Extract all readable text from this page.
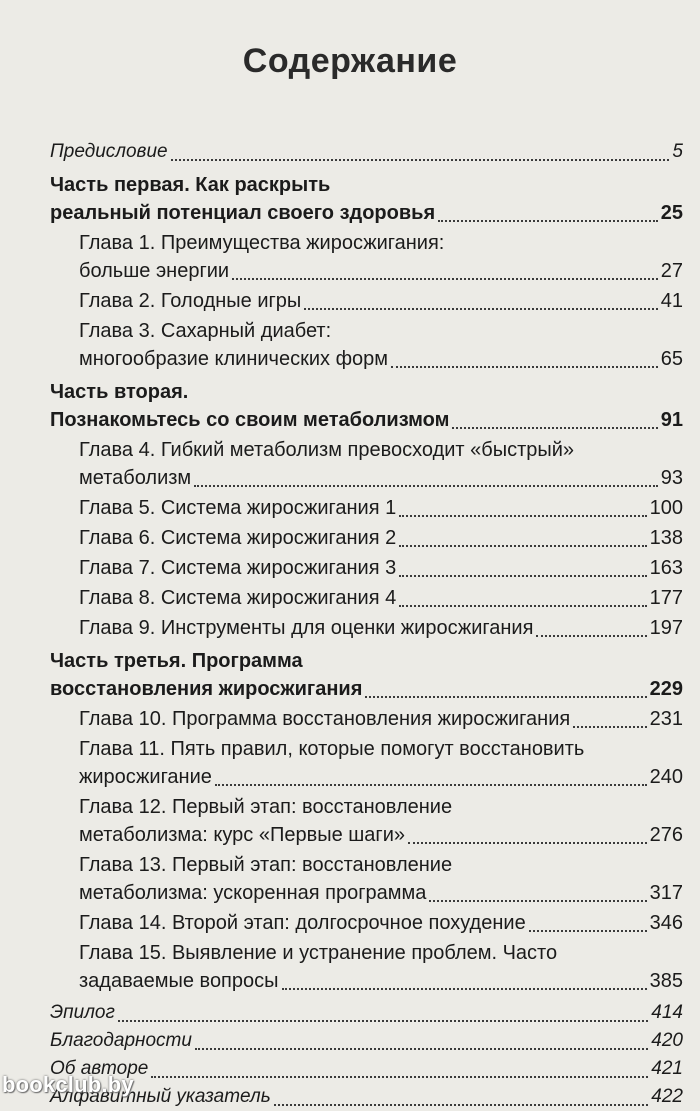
Содержание
Предисловие	5
Часть первая. Как раскрыть
реальный потенциал своего здоровья	25
Глава 1. Преимущества жиросжигания:
больше энергии	27
Глава 2. Голодные игры	41
Глава 3. Сахарный диабет:
многообразие клинических форм	65
Часть вторая.
Познакомьтесь со своим метаболизмом	91
Глава 4. Гибкий метаболизм превосходит «быстрый»
метаболизм	93
Глава 5. Система жиросжигания 1	100
Глава 6. Система жиросжигания 2	138
Глава 7. Система жиросжигания 3	163
Глава 8. Система жиросжигания 4	177
Глава 9. Инструменты для оценки жиросжигания	197
Часть третья. Программа
восстановления жиросжигания	229
Глава 10. Программа восстановления жиросжигания	231
Глава 11. Пять правил, которые помогут восстановить
жиросжигание	240
Глава 12. Первый этап: восстановление
метаболизма: курс «Первые шаги»	276
Глава 13. Первый этап: восстановление
метаболизма: ускоренная программа	317
Глава 14. Второй этап: долгосрочное похудение	346
Глава 15. Выявление и устранение проблем. Часто
задаваемые вопросы	385
Эпилог	414
Благодарности	420
Об авторе	421
Алфавитный указатель	422
bookclub.by
